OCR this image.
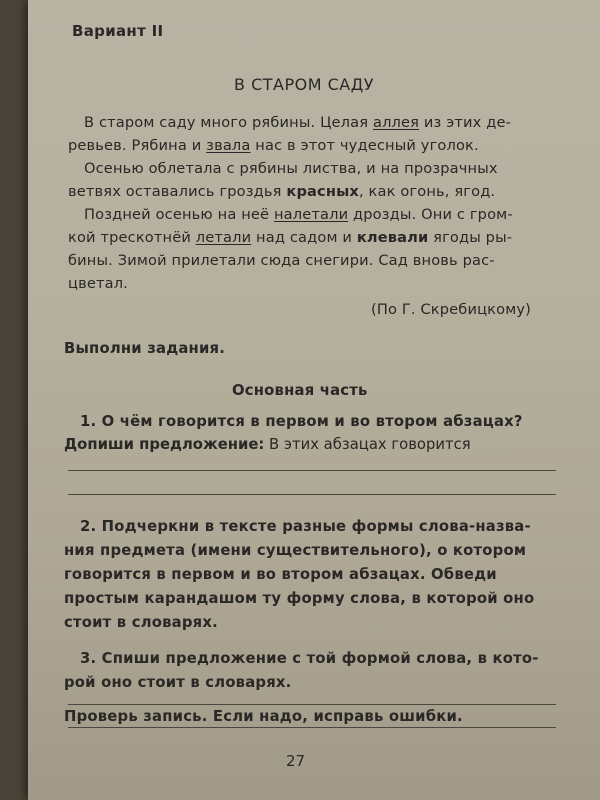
Вариант II
В СТАРОМ САДУ
В старом саду много рябины. Целая аллея из этих де-
ревьев. Рябина и звала нас в этот чудесный уголок.
Осенью облетала с рябины листва, и на прозрачных
ветвях оставались гроздья красных, как огонь, ягод.
Поздней осенью на неё налетали дрозды. Они с гром-
кой трескотнёй летали над садом и клевали ягоды ры-
бины. Зимой прилетали сюда снегири. Сад вновь рас-
цветал.
(По Г. Скребицкому)
Выполни задания.
Основная часть
1. О чём говорится в первом и во втором абзацах?
Допиши предложение: В этих абзацах говорится
2. Подчеркни в тексте разные формы слова-назва-
ния предмета (имени существительного), о котором
говорится в первом и во втором абзацах. Обведи
простым карандашом ту форму слова, в которой оно
стоит в словарях.
3. Спиши предложение с той формой слова, в кото-
рой оно стоит в словарях.
Проверь запись. Если надо, исправь ошибки.
27
